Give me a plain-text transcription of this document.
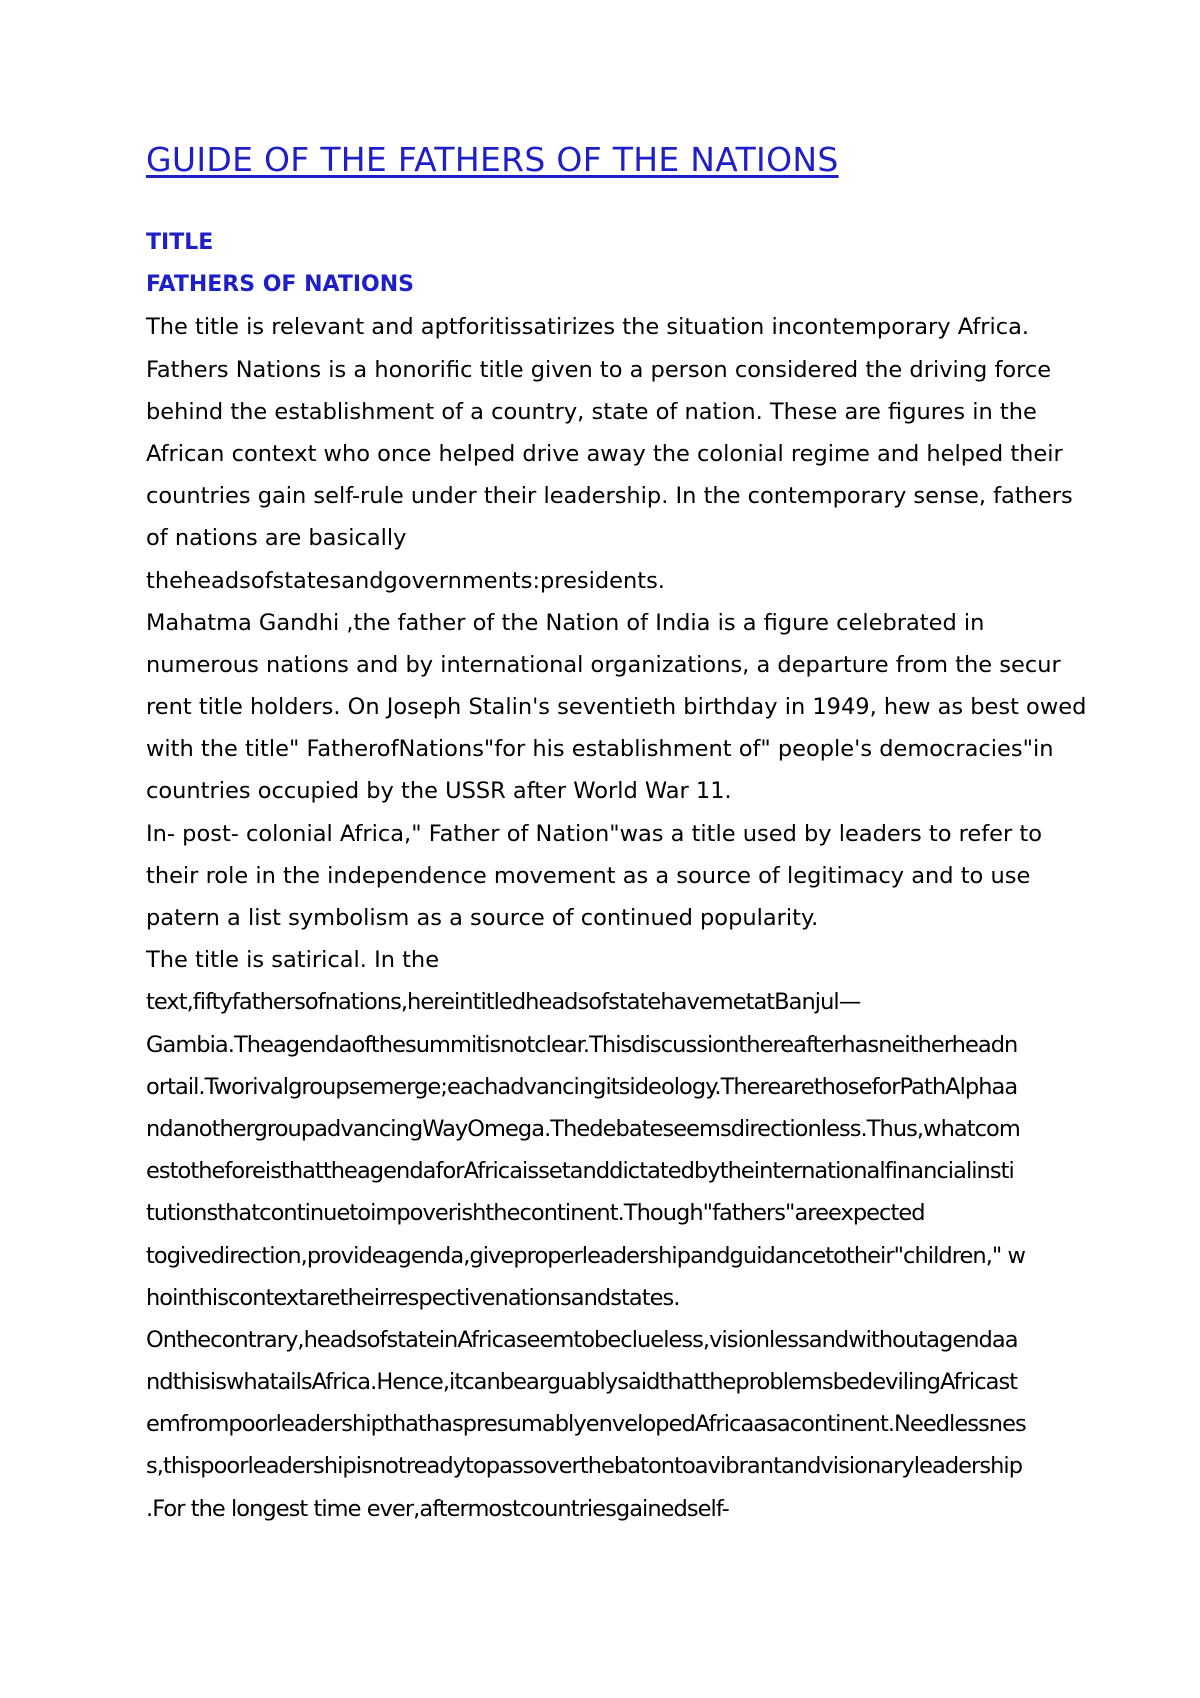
GUIDE OF THE FATHERS OF THE NATIONS
TITLE
FATHERS OF NATIONS
The title is relevant and aptforitissatirizes the situation incontemporary Africa.
Fathers Nations is a honorific title given to a person considered the driving force
behind the establishment of a country, state of nation. These are figures in the
African context who once helped drive away the colonial regime and helped their
countries gain self-rule under their leadership. In the contemporary sense, fathers
of nations are basically
theheadsofstatesandgovernments:presidents.
Mahatma Gandhi ,the father of the Nation of India is a figure celebrated in
numerous nations and by international organizations, a departure from the secur
rent title holders. On Joseph Stalin's seventieth birthday in 1949, hew as best owed
with the title" FatherofNations"for his establishment of" people's democracies"in
countries occupied by the USSR after World War 11.
In- post- colonial Africa," Father of Nation"was a title used by leaders to refer to
their role in the independence movement as a source of legitimacy and to use
patern a list symbolism as a source of continued popularity.
The title is satirical. In the
text,fiftyfathersofnations,hereintitledheadsofstatehavemetatBanjul—
Gambia.Theagendaofthesummitisnotclear.Thisdiscussionthereafterhasneitherheadn
ortail.Tworivalgroupsemerge;eachadvancingitsideology.TherearethoseforPathAlphaa
ndanothergroupadvancingWayOmega.Thedebateseemsdirectionless.Thus,whatcom
estotheforeisthattheagendaforAfricaissetanddictatedbytheinternationalfinancialinsti
tutionsthatcontinuetoimpoverishthecontinent.Though"fathers"areexpected
togivedirection,provideagenda,giveproperleadershipandguidancetotheir"children," w
hointhiscontextaretheirrespectivenationsandstates.
Onthecontrary,headsofstateinAfricaseemtobeclueless,visionlessandwithoutagendaa
ndthisiswhatailsAfrica.Hence,itcanbearguablysaidthattheproblemsbedevilingAfricast
emfrompoorleadershipthathaspresumablyenvelopedAfricaasacontinent.Needlessnes
s,thispoorleadershipisnotreadytopassoverthebatontoavibrantandvisionaryleadership
.For the longest time ever,aftermostcountriesgainedself-
